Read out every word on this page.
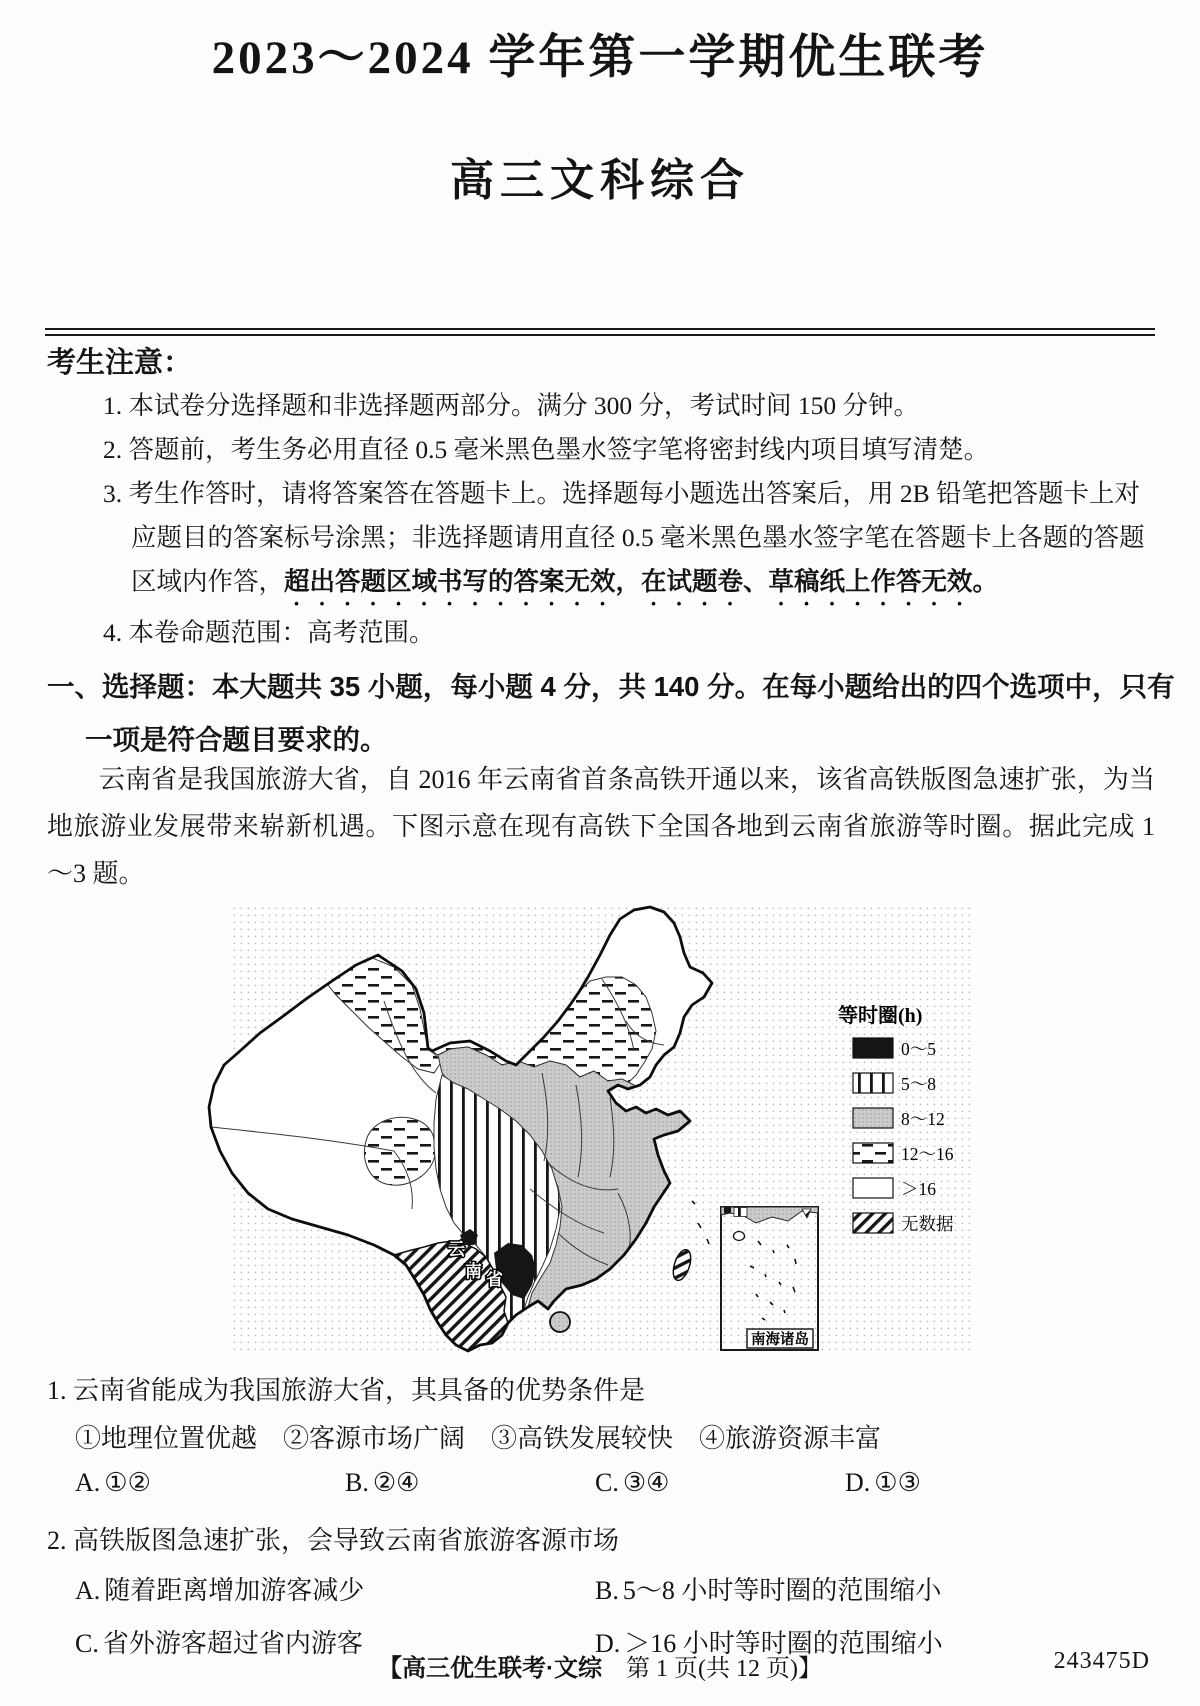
2023～2024 学年第一学期优生联考
高三文科综合
考生注意：
1. 本试卷分选择题和非选择题两部分。满分 300 分，考试时间 150 分钟。
2. 答题前，考生务必用直径 0.5 毫米黑色墨水签字笔将密封线内项目填写清楚。
3. 考生作答时，请将答案答在答题卡上。选择题每小题选出答案后，用 2B 铅笔把答题卡上对应题目的答案标号涂黑；非选择题请用直径 0.5 毫米黑色墨水签字笔在答题卡上各题的答题区域内作答，超出答题区域书写的答案无效，在试题卷、草稿纸上作答无效。
4. 本卷命题范围：高考范围。
一、选择题：本大题共 35 小题，每小题 4 分，共 140 分。在每小题给出的四个选项中，只有一项是符合题目要求的。
云南省是我国旅游大省，自 2016 年云南省首条高铁开通以来，该省高铁版图急速扩张，为当地旅游业发展带来崭新机遇。下图示意在现有高铁下全国各地到云南省旅游等时圈。据此完成 1～3 题。
云
南 省
等时圈(h)
0～5
5～8
8～12
12～16
＞16
无数据
南海诸岛
1. 云南省能成为我国旅游大省，其具备的优势条件是
①地理位置优越　②客源市场广阔　③高铁发展较快　④旅游资源丰富
A. ①②	B. ②④	C. ③④	D. ①③
2. 高铁版图急速扩张，会导致云南省旅游客源市场
A. 随着距离增加游客减少	B. 5～8 小时等时圈的范围缩小
C. 省外游客超过省内游客	D. ＞16 小时等时圈的范围缩小
【高三优生联考·文综　第 1 页(共 12 页)】	243475D
